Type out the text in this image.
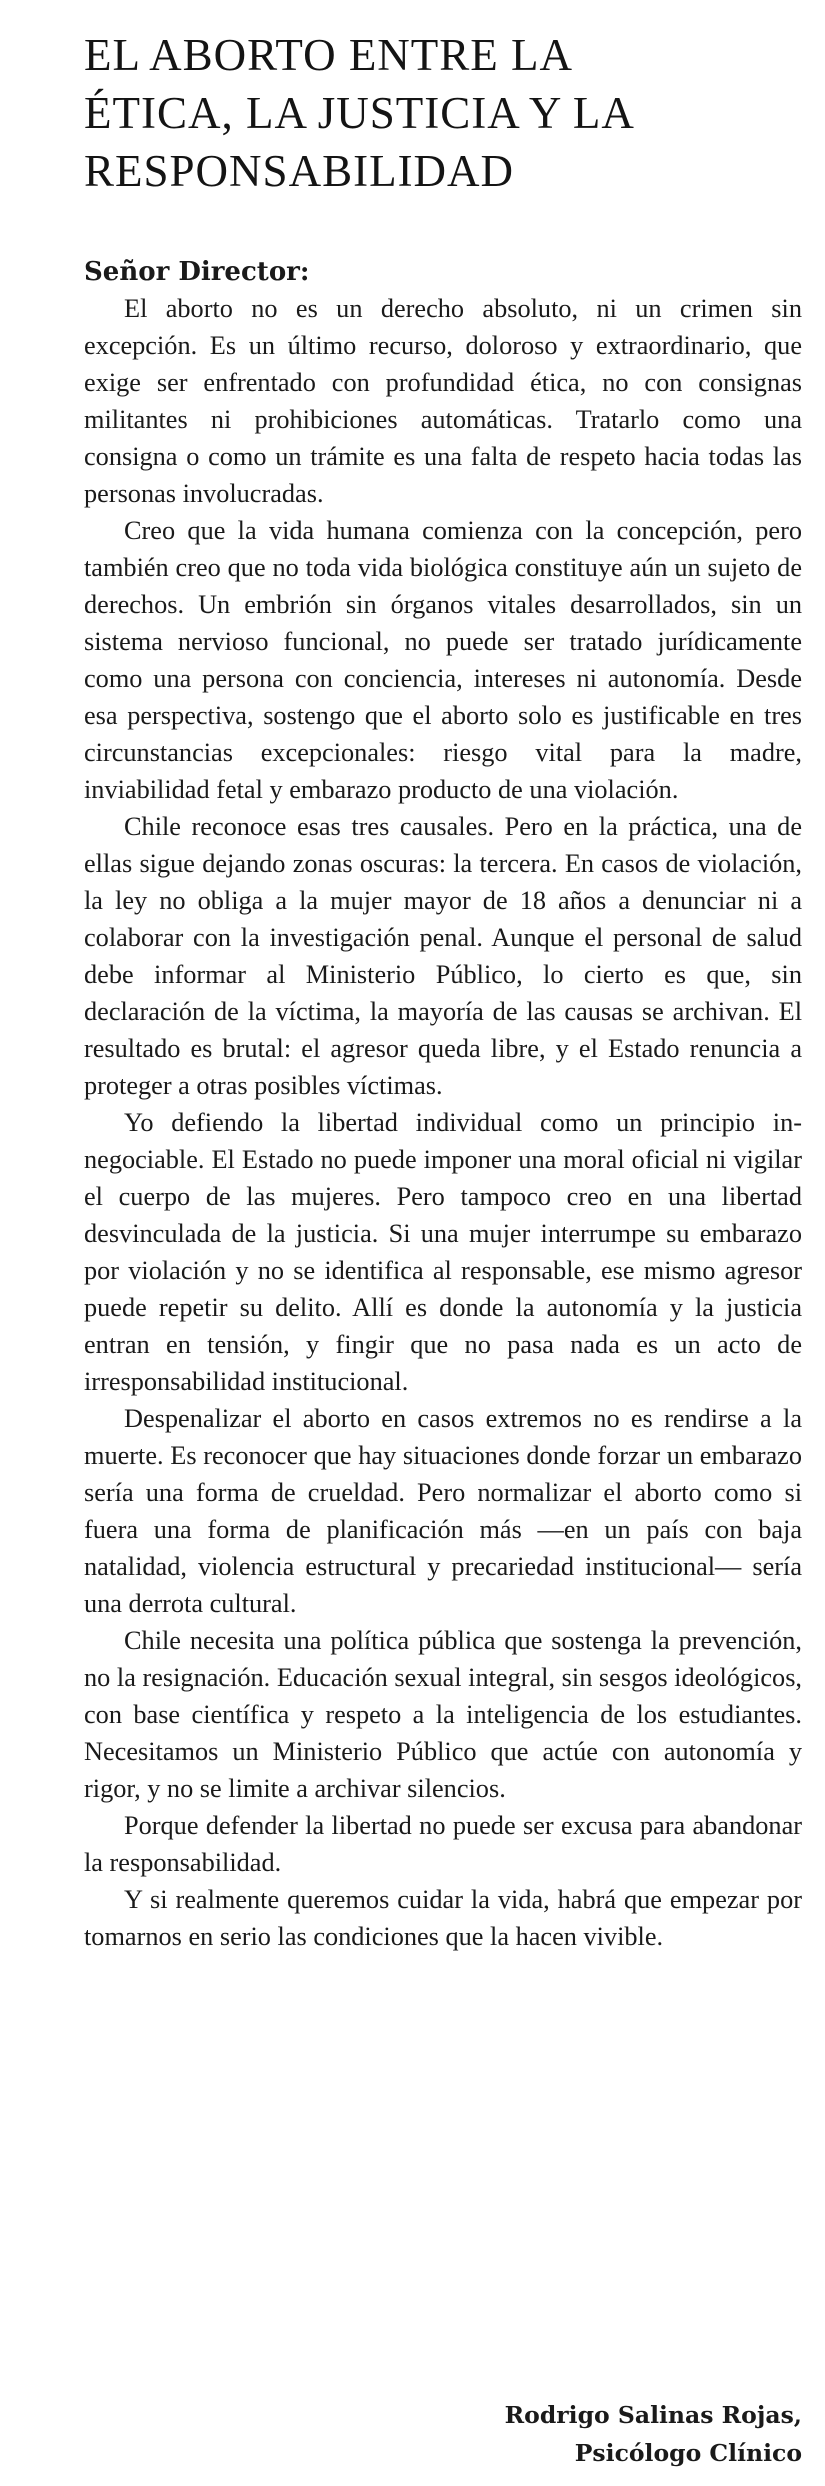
EL ABORTO ENTRE LA
ÉTICA, LA JUSTICIA Y LA
RESPONSABILIDAD
Señor Director:

El aborto no es un derecho absoluto, ni un crimen sin excepción. Es un último recurso, doloroso y extraordinario, que exige ser enfrentado con profundidad ética, no con consignas militantes ni prohibiciones automáticas. Tratarlo como una consigna o como un trámite es una falta de respeto hacia todas las personas involucradas.

Creo que la vida humana comienza con la concepción, pero también creo que no toda vida biológica constituye aún un sujeto de derechos. Un embrión sin órganos vitales desarrollados, sin un sistema nervioso funcional, no puede ser tratado jurídicamente como una persona con conciencia, intereses ni autonomía. Desde esa perspectiva, sostengo que el aborto solo es justificable en tres circunstancias excepcionales: riesgo vital para la madre, inviabilidad fetal y embarazo producto de una violación.

Chile reconoce esas tres causales. Pero en la práctica, una de ellas sigue dejando zonas oscuras: la tercera. En casos de violación, la ley no obliga a la mujer mayor de 18 años a denunciar ni a colaborar con la investigación penal. Aunque el personal de salud debe informar al Ministerio Público, lo cierto es que, sin declaración de la víctima, la mayoría de las causas se archivan. El resultado es brutal: el agresor queda libre, y el Estado renuncia a proteger a otras posibles víctimas.

Yo defiendo la libertad individual como un principio innegociable. El Estado no puede imponer una moral oficial ni vigilar el cuerpo de las mujeres. Pero tampoco creo en una libertad desvinculada de la justicia. Si una mujer interrumpe su embarazo por violación y no se identifica al responsable, ese mismo agresor puede repetir su delito. Allí es donde la autonomía y la justicia entran en tensión, y fingir que no pasa nada es un acto de irresponsabilidad institucional.

Despenalizar el aborto en casos extremos no es rendirse a la muerte. Es reconocer que hay situaciones donde forzar un embarazo sería una forma de crueldad. Pero normalizar el aborto como si fuera una forma de planificación más —en un país con baja natalidad, violencia estructural y precariedad institucional— sería una derrota cultural.

Chile necesita una política pública que sostenga la prevención, no la resignación. Educación sexual integral, sin sesgos ideológicos, con base científica y respeto a la inteligencia de los estudiantes. Necesitamos un Ministerio Público que actúe con autonomía y rigor, y no se limite a archivar silencios.

Porque defender la libertad no puede ser excusa para abandonar la responsabilidad.

Y si realmente queremos cuidar la vida, habrá que empezar por tomarnos en serio las condiciones que la hacen vivible.

Rodrigo Salinas Rojas,
Psicólogo Clínico
